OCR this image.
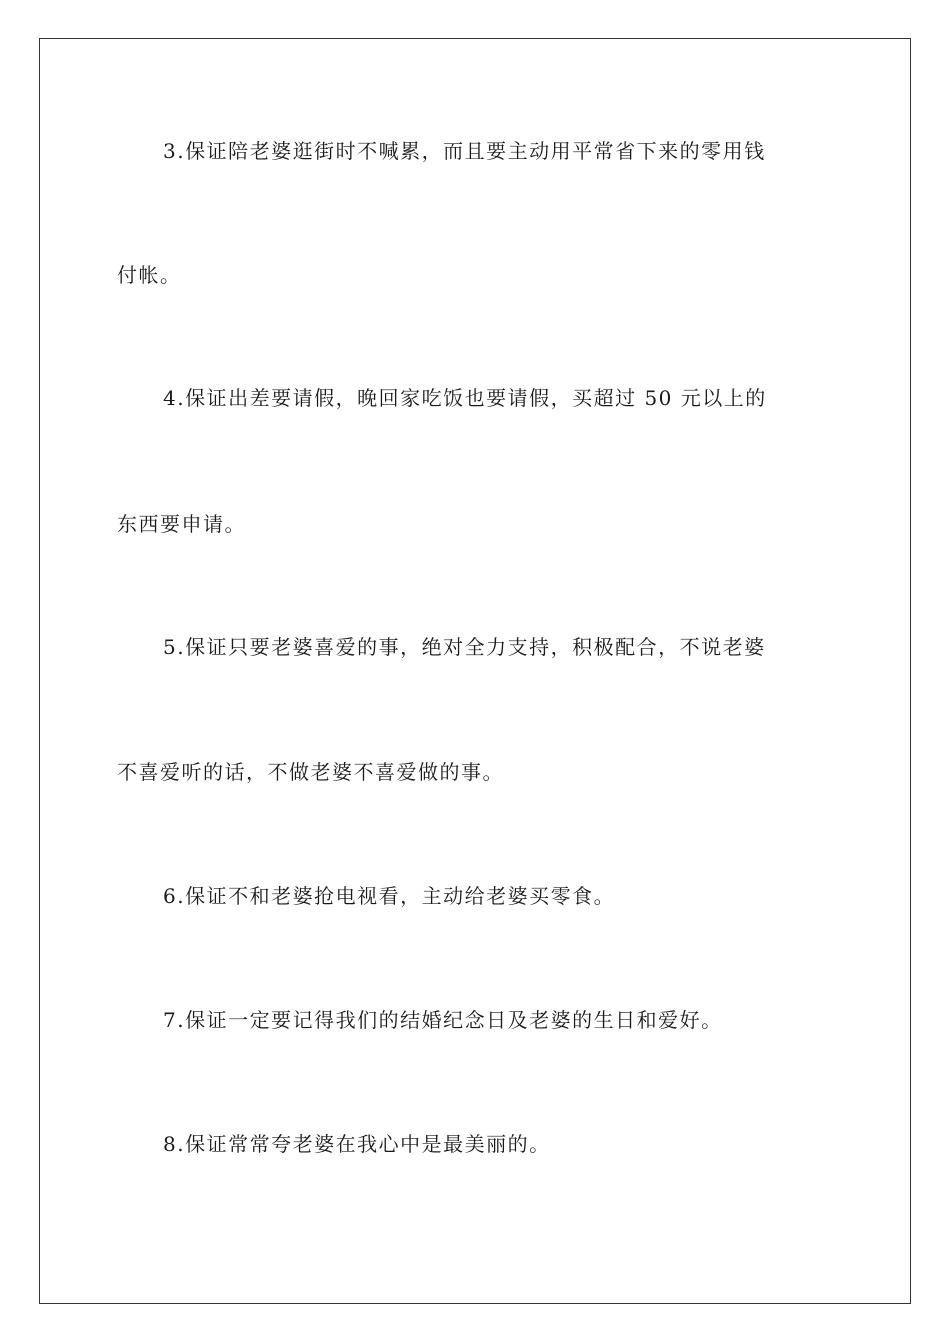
3.保证陪老婆逛街时不喊累，而且要主动用平常省下来的零用钱
付帐。
4.保证出差要请假，晚回家吃饭也要请假，买超过 50 元以上的
东西要申请。
5.保证只要老婆喜爱的事，绝对全力支持，积极配合，不说老婆
不喜爱听的话，不做老婆不喜爱做的事。
6.保证不和老婆抢电视看，主动给老婆买零食。
7.保证一定要记得我们的结婚纪念日及老婆的生日和爱好。
8.保证常常夸老婆在我心中是最美丽的。
